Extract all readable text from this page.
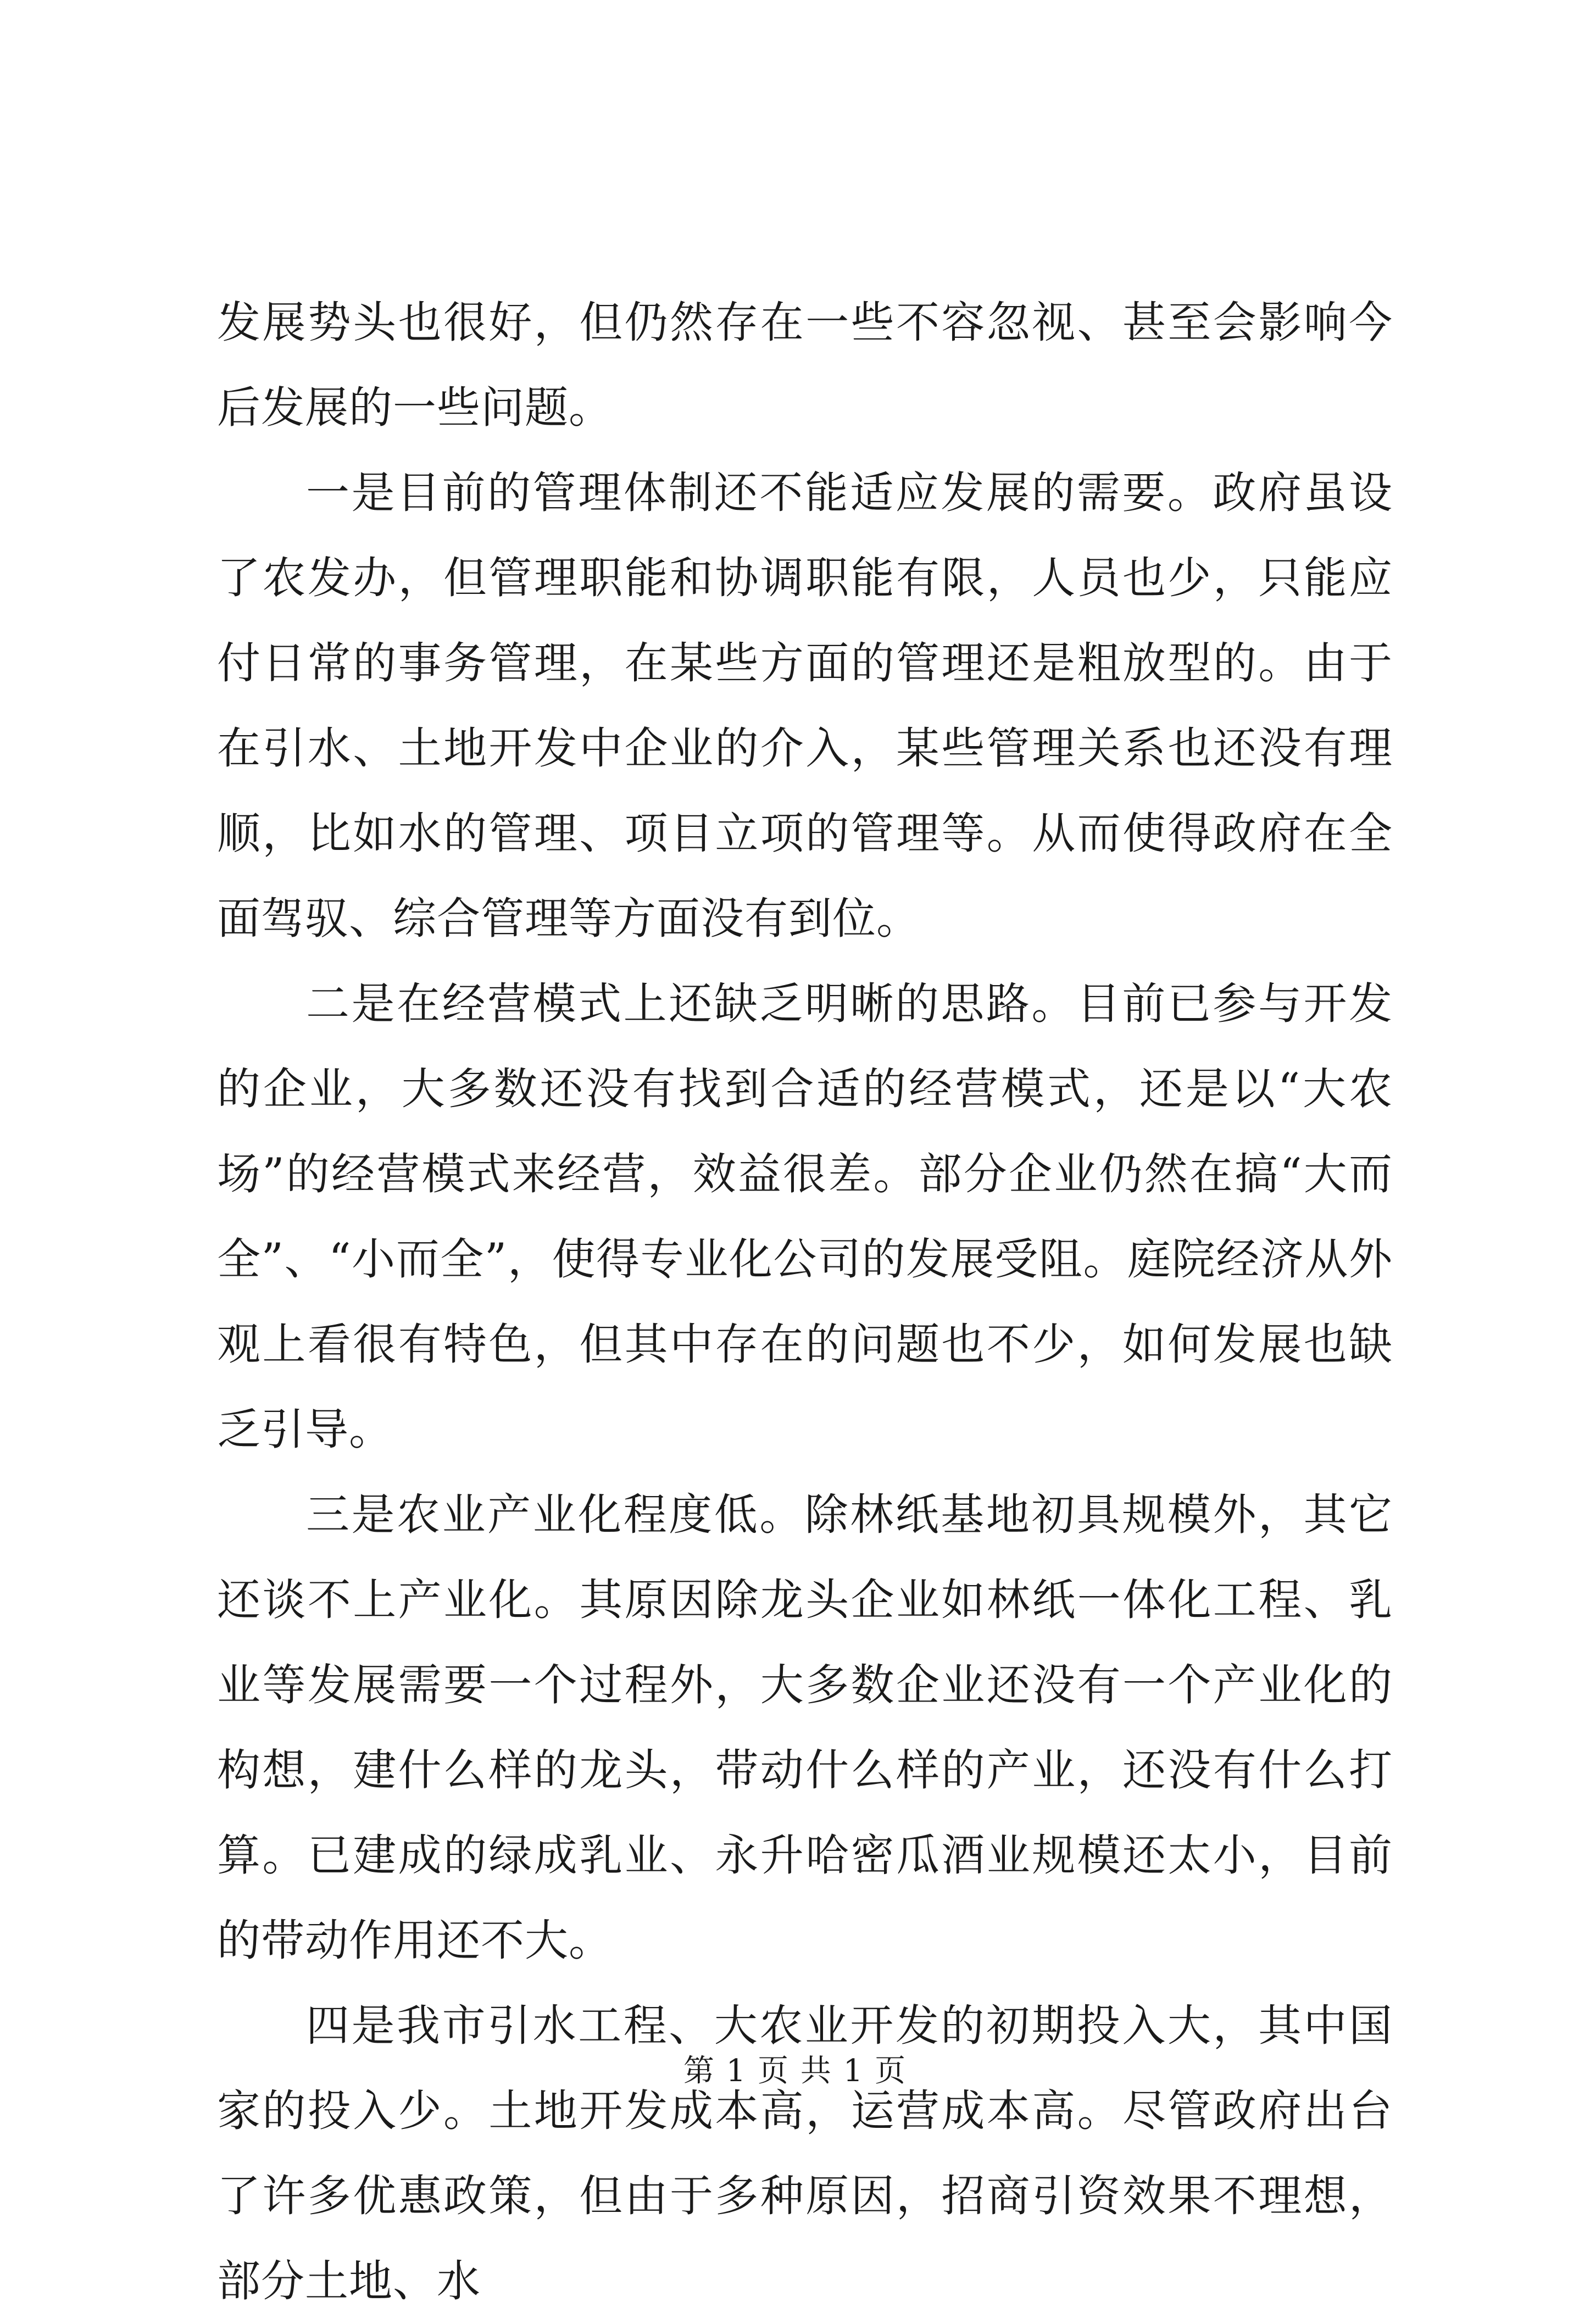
发展势头也很好，但仍然存在一些不容忽视、甚至会影响今后发展的一些问题。

一是目前的管理体制还不能适应发展的需要。政府虽设了农发办，但管理职能和协调职能有限，人员也少，只能应付日常的事务管理，在某些方面的管理还是粗放型的。由于在引水、土地开发中企业的介入，某些管理关系也还没有理顺，比如水的管理、项目立项的管理等。从而使得政府在全面驾驭、综合管理等方面没有到位。

二是在经营模式上还缺乏明晰的思路。目前已参与开发的企业，大多数还没有找到合适的经营模式，还是以“大农场”的经营模式来经营，效益很差。部分企业仍然在搞“大而全”、“小而全”，使得专业化公司的发展受阻。庭院经济从外观上看很有特色，但其中存在的问题也不少，如何发展也缺乏引导。

三是农业产业化程度低。除林纸基地初具规模外，其它还谈不上产业化。其原因除龙头企业如林纸一体化工程、乳业等发展需要一个过程外，大多数企业还没有一个产业化的构想，建什么样的龙头，带动什么样的产业，还没有什么打算。已建成的绿成乳业、永升哈密瓜酒业规模还太小，目前的带动作用还不大。

四是我市引水工程、大农业开发的初期投入大，其中国家的投入少。土地开发成本高，运营成本高。尽管政府出台了许多优惠政策，但由于多种原因，招商引资效果不理想，部分土地、水

第 1 页 共 1 页
